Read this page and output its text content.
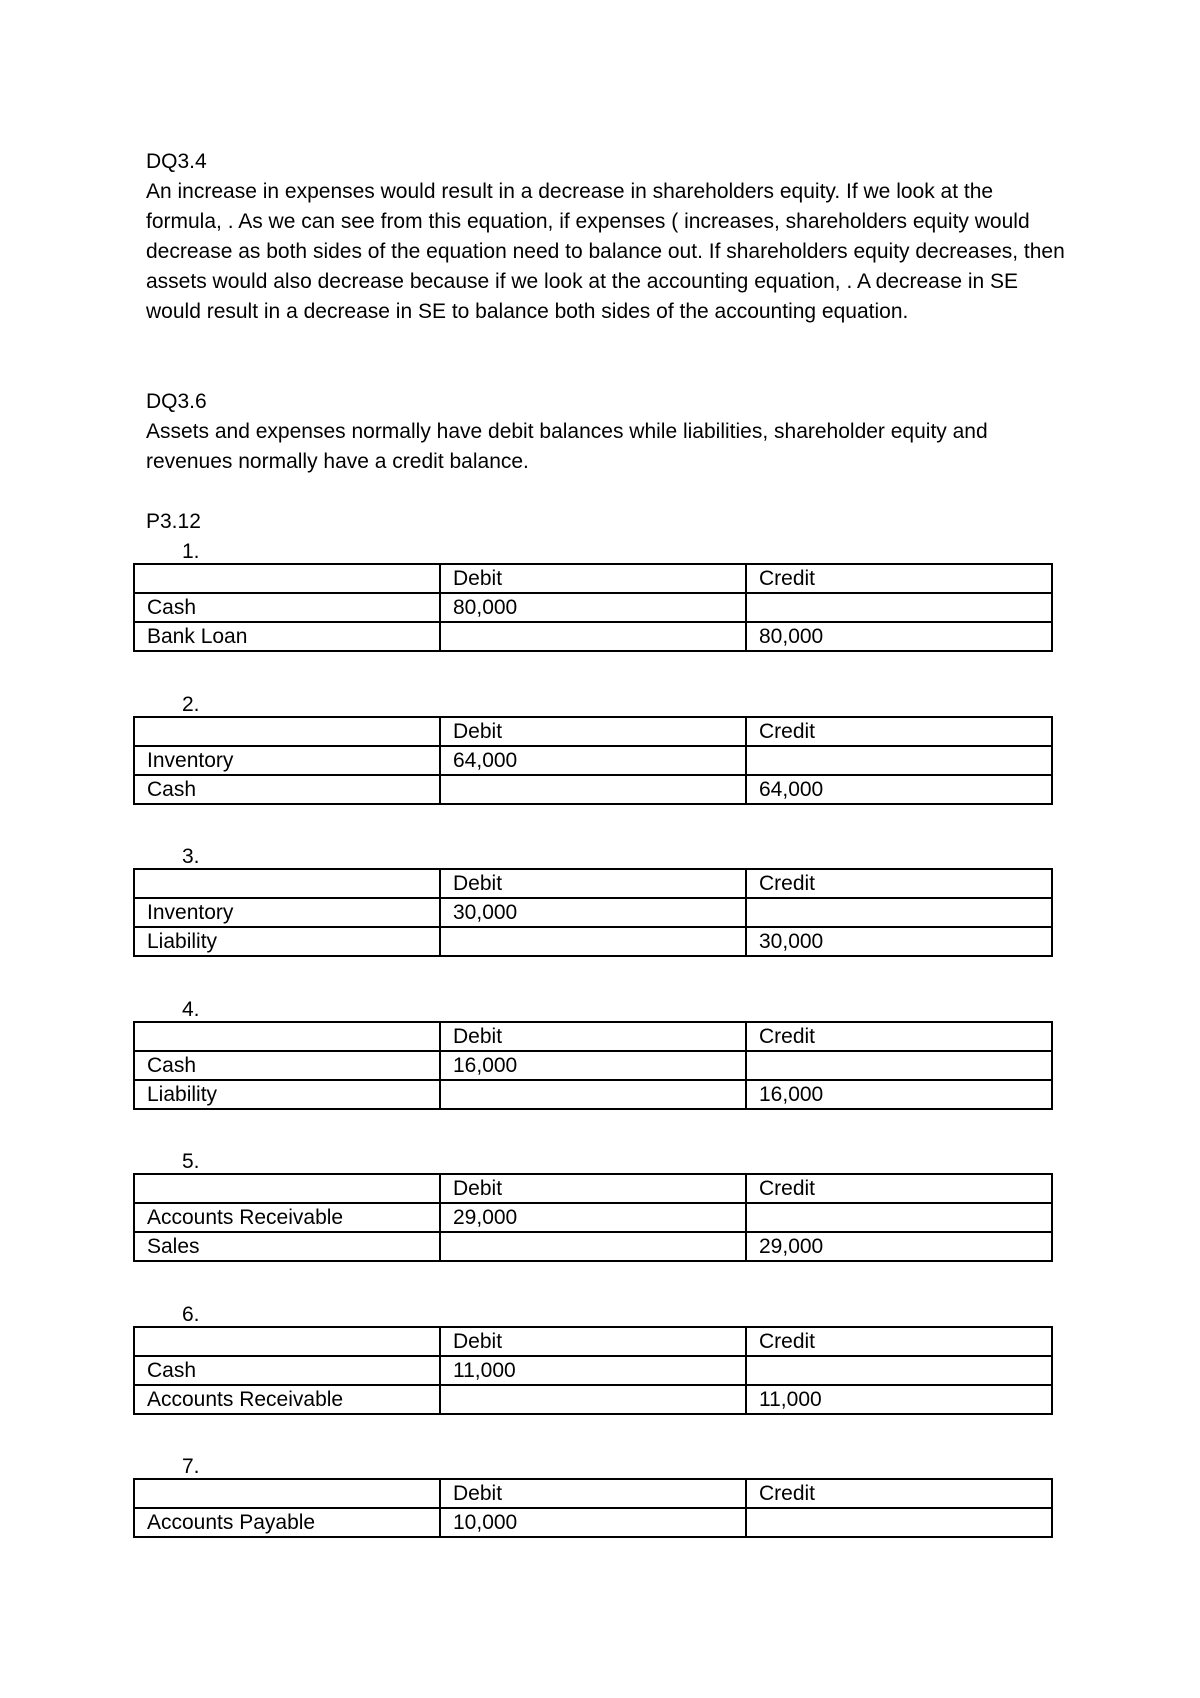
DQ3.4
An increase in expenses would result in a decrease in shareholders equity. If we look at the formula, . As we can see from this equation, if expenses ( increases, shareholders equity would decrease as both sides of the equation need to balance out. If shareholders equity decreases, then assets would also decrease because if we look at the accounting equation, . A decrease in SE would result in a decrease in SE to balance both sides of the accounting equation.
DQ3.6
Assets and expenses normally have debit balances while liabilities, shareholder equity and revenues normally have a credit balance.
P3.12
1.
	Debit	Credit
Cash	80,000	
Bank Loan		80,000
2.
	Debit	Credit
Inventory	64,000	
Cash		64,000
3.
	Debit	Credit
Inventory	30,000	
Liability		30,000
4.
	Debit	Credit
Cash	16,000	
Liability		16,000
5.
	Debit	Credit
Accounts Receivable	29,000	
Sales		29,000
6.
	Debit	Credit
Cash	11,000	
Accounts Receivable		11,000
7.
	Debit	Credit
Accounts Payable	10,000	
